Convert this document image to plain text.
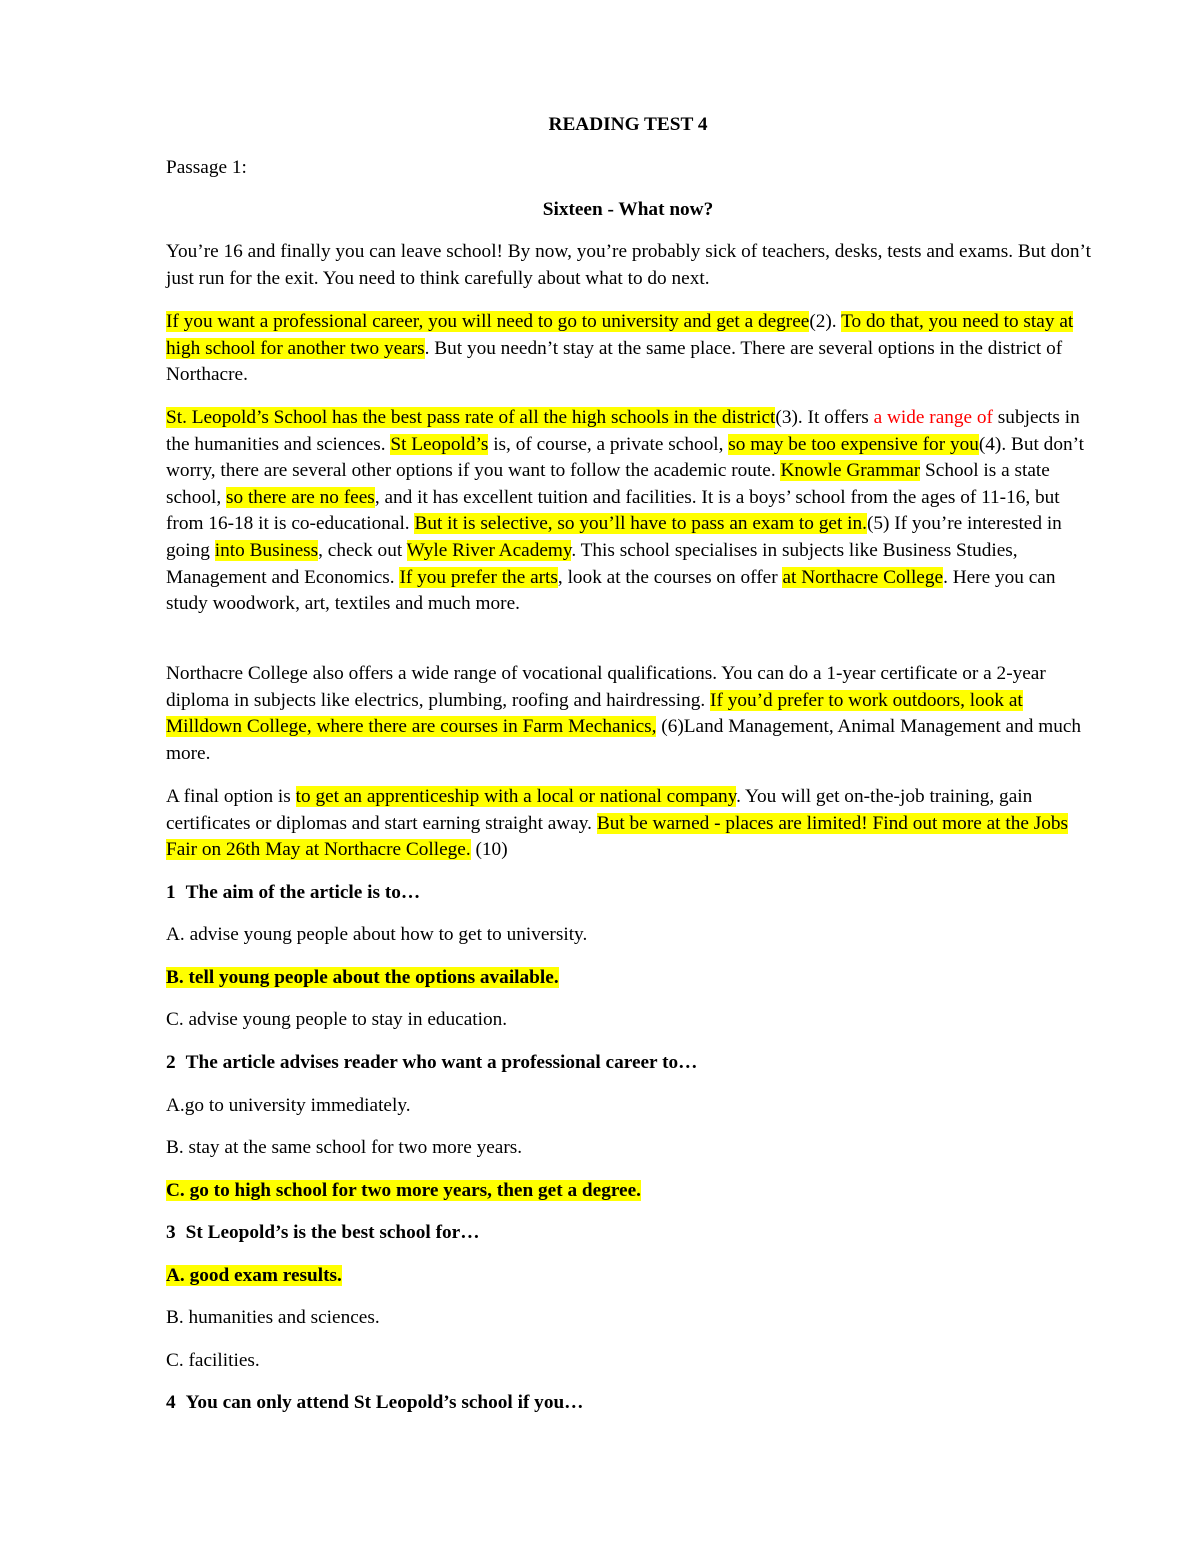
READING TEST 4
Passage 1:
Sixteen - What now?

You’re 16 and finally you can leave school! By now, you’re probably sick of teachers, desks, tests and exams. But don’t just run for the exit. You need to think carefully about what to do next.

If you want a professional career, you will need to go to university and get a degree(2). To do that, you need to stay at high school for another two years. But you needn’t stay at the same place. There are several options in the district of Northacre.

St. Leopold’s School has the best pass rate of all the high schools in the district(3). It offers a wide range of subjects in the humanities and sciences. St Leopold’s is, of course, a private school, so may be too expensive for you(4). But don’t worry, there are several other options if you want to follow the academic route. Knowle Grammar School is a state school, so there are no fees, and it has excellent tuition and facilities. It is a boys’ school from the ages of 11-16, but from 16-18 it is co-educational. But it is selective, so you’ll have to pass an exam to get in.(5) If you’re interested in going into Business, check out Wyle River Academy. This school specialises in subjects like Business Studies, Management and Economics. If you prefer the arts, look at the courses on offer at Northacre College. Here you can study woodwork, art, textiles and much more.

Northacre College also offers a wide range of vocational qualifications. You can do a 1-year certificate or a 2-year diploma in subjects like electrics, plumbing, roofing and hairdressing. If you’d prefer to work outdoors, look at Milldown College, where there are courses in Farm Mechanics, (6)Land Management, Animal Management and much more.

A final option is to get an apprenticeship with a local or national company. You will get on-the-job training, gain certificates or diplomas and start earning straight away. But be warned - places are limited! Find out more at the Jobs Fair on 26th May at Northacre College. (10)

1 The aim of the article is to…
A. advise young people about how to get to university.
B. tell young people about the options available.
C. advise young people to stay in education.
2 The article advises reader who want a professional career to…
A.go to university immediately.
B. stay at the same school for two more years.
C. go to high school for two more years, then get a degree.
3 St Leopold’s is the best school for…
A. good exam results.
B. humanities and sciences.
C. facilities.
4 You can only attend St Leopold’s school if you…
